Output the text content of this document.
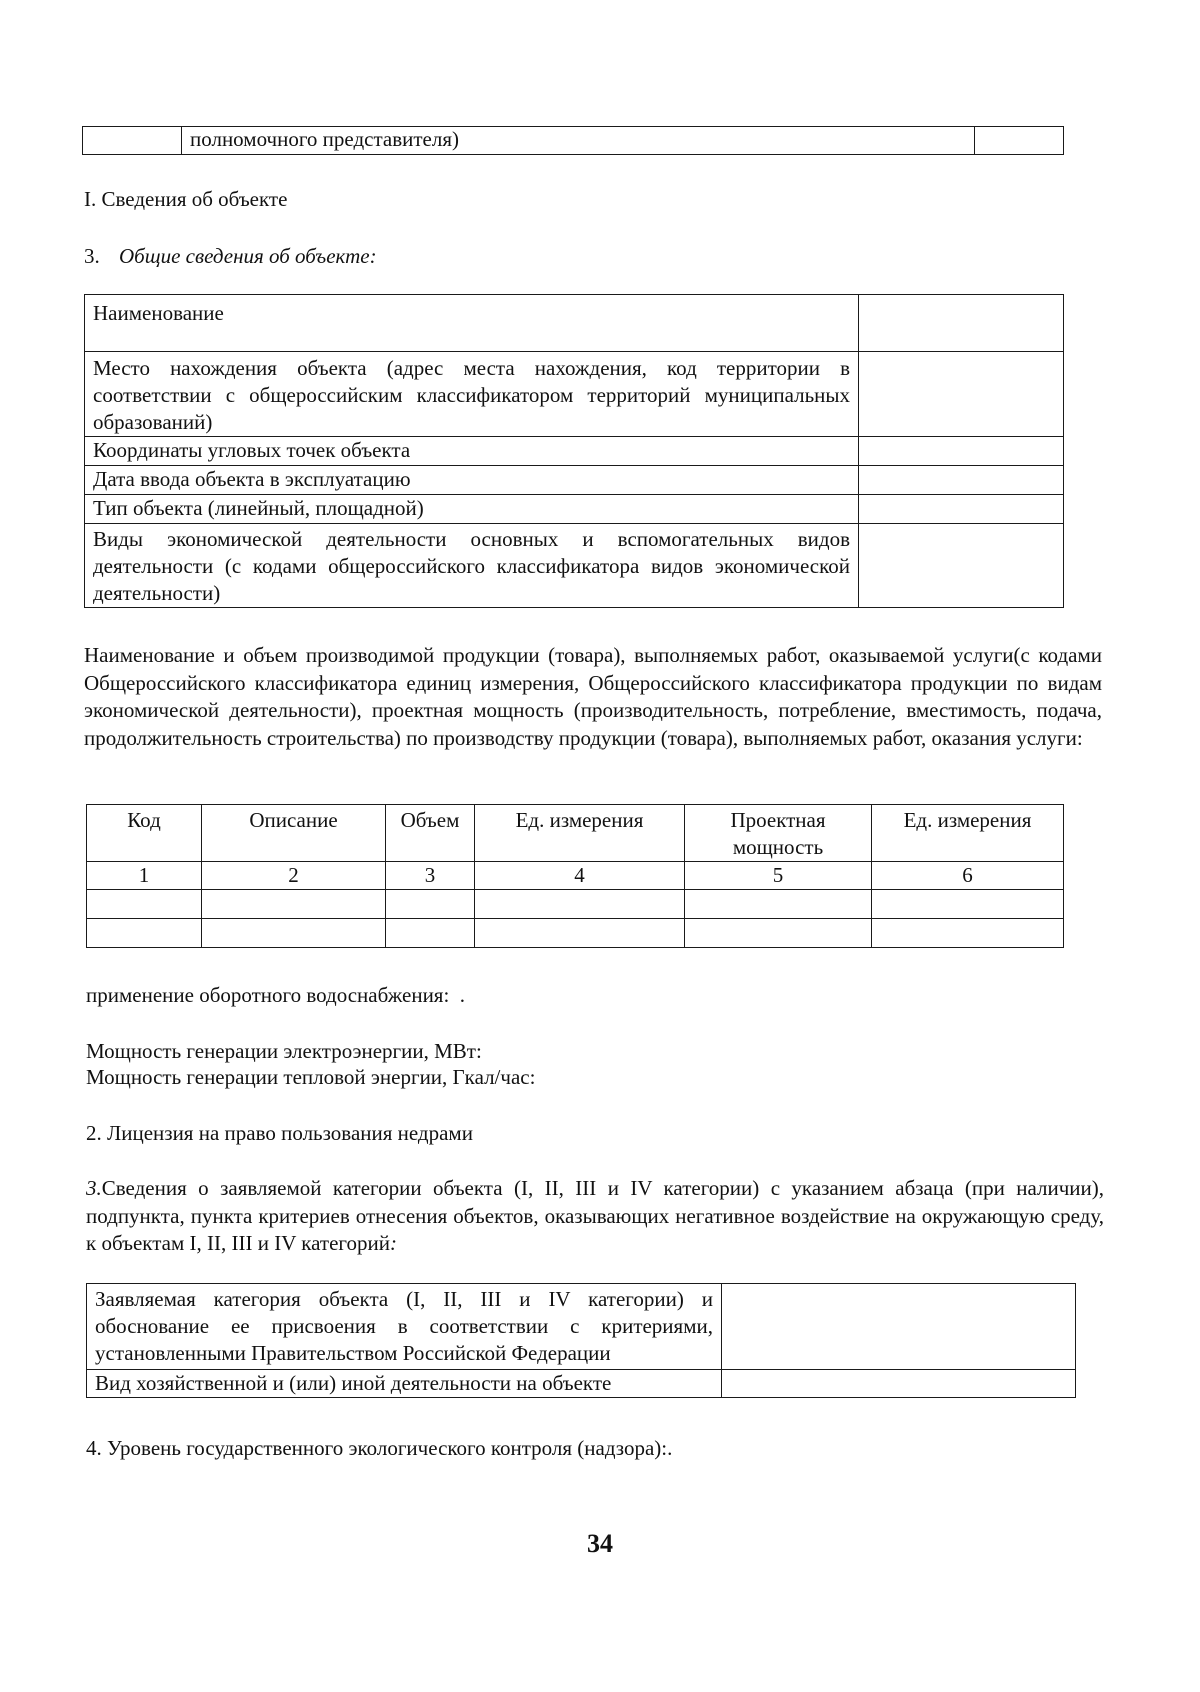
	полномочного представителя)	

I. Сведения об объекте

3. Общие сведения об объекте:

Наименование	
Место нахождения объекта (адрес места нахождения, код территории в соответствии с общероссийским классификатором территорий муниципальных образований)	
Координаты угловых точек объекта	
Дата ввода объекта в эксплуатацию	
Тип объекта (линейный, площадной)	
Виды экономической деятельности основных и вспомогательных видов деятельности (с кодами общероссийского классификатора видов экономической деятельности)	

Наименование и объем производимой продукции (товара), выполняемых работ, оказываемой услуги(с кодами Общероссийского классификатора единиц измерения, Общероссийского классификатора продукции по видам экономической деятельности), проектная мощность (производительность, потребление, вместимость, подача, продолжительность строительства) по производству продукции (товара), выполняемых работ, оказания услуги:

Код	Описание	Объем	Ед. измерения	Проектная мощность	Ед. измерения
1	2	3	4	5	6

применение оборотного водоснабжения:  .

Мощность генерации электроэнергии, МВт:

Мощность генерации тепловой энергии, Гкал/час:

2. Лицензия на право пользования недрами

3.Сведения о заявляемой категории объекта (I, II, III и IV категории) с указанием абзаца (при наличии), подпункта, пункта критериев отнесения объектов, оказывающих негативное воздействие на окружающую среду, к объектам I, II, III и IV категорий:

Заявляемая категория объекта (I, II, III и IV категории) и обоснование ее присвоения в соответствии с критериями, установленными Правительством Российской Федерации	
Вид хозяйственной и (или) иной деятельности на объекте	

4. Уровень государственного экологического контроля (надзора):.

34
